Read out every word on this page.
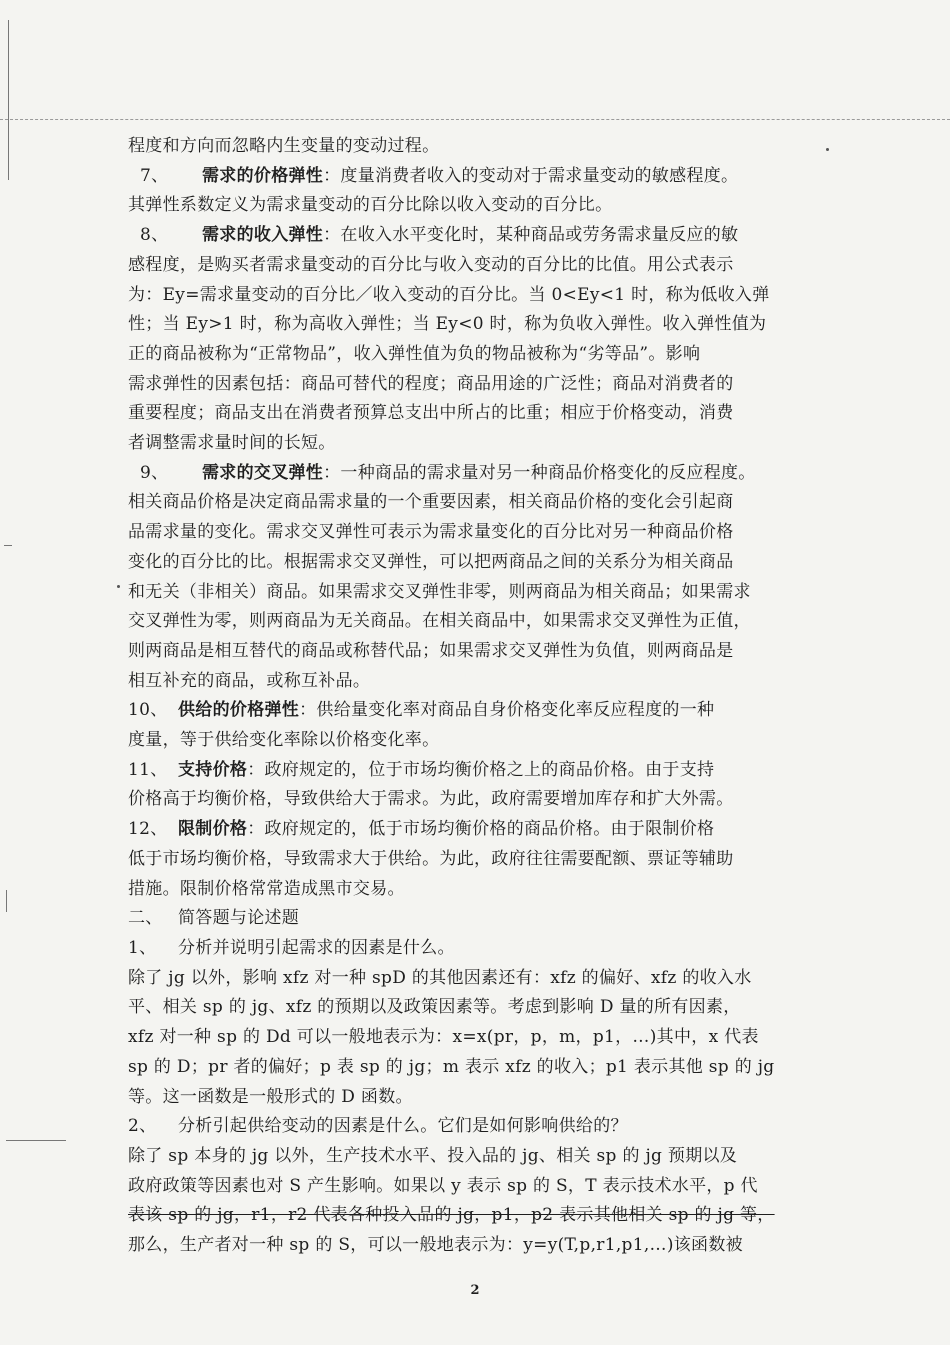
程度和方向而忽略内生变量的变动过程。

7、 需求的价格弹性：度量消费者收入的变动对于需求量变动的敏感程度。

其弹性系数定义为需求量变动的百分比除以收入变动的百分比。

8、 需求的收入弹性：在收入水平变化时，某种商品或劳务需求量反应的敏

感程度，是购买者需求量变动的百分比与收入变动的百分比的比值。用公式表示

为：Ey=需求量变动的百分比／收入变动的百分比。当 0<Ey<1 时，称为低收入弹

性；当 Ey>1 时，称为高收入弹性；当 Ey<0 时，称为负收入弹性。收入弹性值为

正的商品被称为“正常物品”，收入弹性值为负的物品被称为“劣等品”。影响

需求弹性的因素包括：商品可替代的程度；商品用途的广泛性；商品对消费者的

重要程度；商品支出在消费者预算总支出中所占的比重；相应于价格变动，消费

者调整需求量时间的长短。

9、 需求的交叉弹性：一种商品的需求量对另一种商品价格变化的反应程度。

相关商品价格是决定商品需求量的一个重要因素，相关商品价格的变化会引起商

品需求量的变化。需求交叉弹性可表示为需求量变化的百分比对另一种商品价格

变化的百分比的比。根据需求交叉弹性，可以把两商品之间的关系分为相关商品

和无关（非相关）商品。如果需求交叉弹性非零，则两商品为相关商品；如果需求

交叉弹性为零，则两商品为无关商品。在相关商品中，如果需求交叉弹性为正值，

则两商品是相互替代的商品或称替代品；如果需求交叉弹性为负值，则两商品是

相互补充的商品，或称互补品。

10、 供给的价格弹性：供给量变化率对商品自身价格变化率反应程度的一种

度量，等于供给变化率除以价格变化率。

11、 支持价格：政府规定的，位于市场均衡价格之上的商品价格。由于支持

价格高于均衡价格，导致供给大于需求。为此，政府需要增加库存和扩大外需。

12、 限制价格：政府规定的，低于市场均衡价格的商品价格。由于限制价格

低于市场均衡价格，导致需求大于供给。为此，政府往往需要配额、票证等辅助

措施。限制价格常常造成黑市交易。

二、 简答题与论述题

1、 分析并说明引起需求的因素是什么。

除了 jg 以外，影响 xfz 对一种 spD 的其他因素还有：xfz 的偏好、xfz 的收入水

平、相关 sp 的 jg、xfz 的预期以及政策因素等。考虑到影响 D 量的所有因素，

xfz 对一种 sp 的 Dd 可以一般地表示为：x=x(pr，p，m，p1，…)其中，x 代表

sp 的 D；pr 者的偏好；p 表 sp 的 jg；m 表示 xfz 的收入；p1 表示其他 sp 的 jg

等。这一函数是一般形式的 D 函数。

2、 分析引起供给变动的因素是什么。它们是如何影响供给的？

除了 sp 本身的 jg 以外，生产技术水平、投入品的 jg、相关 sp 的 jg 预期以及

政府政策等因素也对 S 产生影响。如果以 y 表示 sp 的 S，T 表示技术水平，p 代

表该 sp 的 jg，r1，r2 代表各种投入品的 jg，p1，p2 表示其他相关 sp 的 jg 等，

那么，生产者对一种 sp 的 S，可以一般地表示为：y=y(T,p,r1,p1,…)该函数被

2
